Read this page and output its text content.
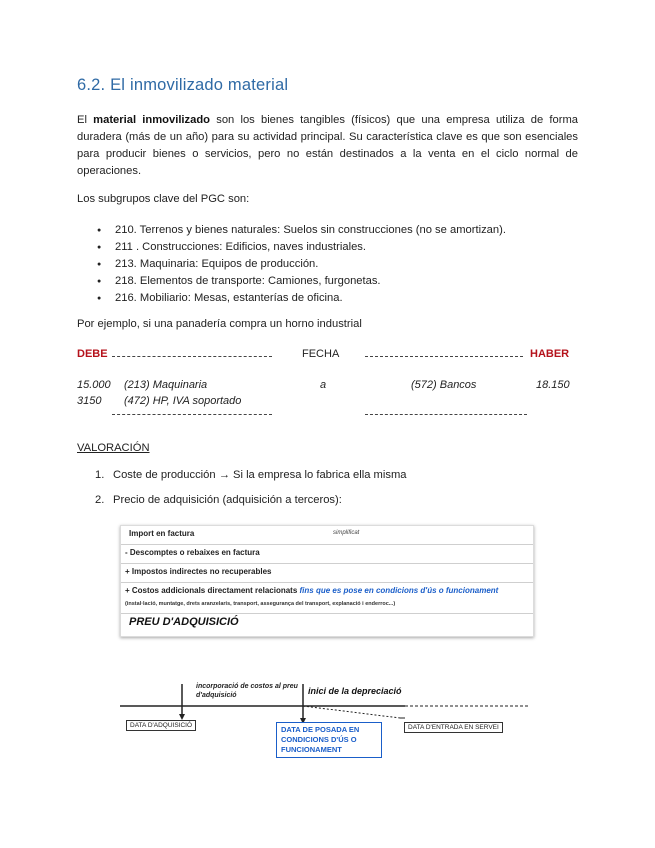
6.2. El inmovilizado material
El material inmovilizado son los bienes tangibles (físicos) que una empresa utiliza de forma duradera (más de un año) para su actividad principal. Su característica clave es que son esenciales para producir bienes o servicios, pero no están destinados a la venta en el ciclo normal de operaciones.
Los subgrupos clave del PGC son:
● 210. Terrenos y bienes naturales: Suelos sin construcciones (no se amortizan).
● 211 . Construcciones: Edificios, naves industriales.
● 213. Maquinaria: Equipos de producción.
● 218. Elementos de transporte: Camiones, furgonetas.
● 216. Mobiliario: Mesas, estanterías de oficina.
Por ejemplo, si una panadería compra un horno industrial
DEBE	FECHA	HABER
15.000 (213) Maquinaria	a	(572) Bancos	18.150
3150 (472) HP, IVA soportado
VALORACIÓN
1. Coste de producción → Si la empresa lo fabrica ella misma
2. Precio de adquisición (adquisición a terceros):
Import en factura	simplificat
- Descomptes o rebaixes en factura
+ Impostos indirectes no recuperables
+ Costos addicionals directament relacionats fins que es pose en condicions d'ús o funcionament (instal·lació, muntatge, drets aranzelaris, transport, assegurança del transport, explanació i enderroc...)
PREU D'ADQUISICIÓ
incorporació de costos al preu d'adquisició	inici de la depreciació
DATA D'ADQUISICIÓ	DATA DE POSADA EN CONDICIONS D'ÚS O FUNCIONAMENT
DATA D'ENTRADA EN SERVEI
